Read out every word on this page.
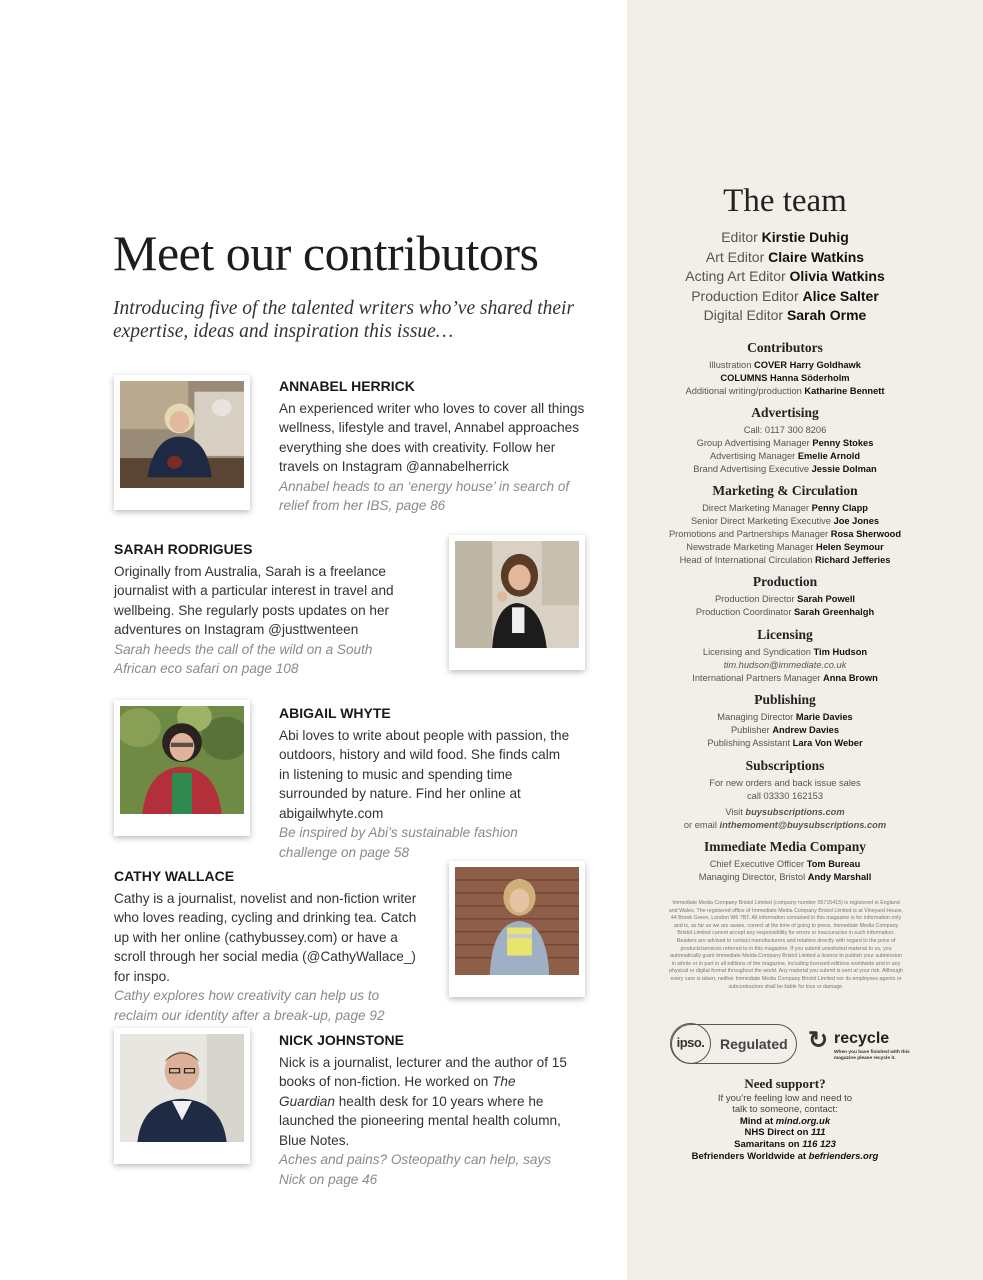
Meet our contributors

Introducing five of the talented writers who’ve shared their expertise, ideas and inspiration this issue…

ANNABEL HERRICK
An experienced writer who loves to cover all things wellness, lifestyle and travel, Annabel approaches everything she does with creativity. Follow her travels on Instagram @annabelherrick
Annabel heads to an ‘energy house’ in search of relief from her IBS, page 86
SARAH RODRIGUES
Originally from Australia, Sarah is a freelance journalist with a particular interest in travel and wellbeing. She regularly posts updates on her adventures on Instagram @justtwenteen
Sarah heeds the call of the wild on a South African eco safari on page 108
ABIGAIL WHYTE
Abi loves to write about people with passion, the outdoors, history and wild food. She finds calm in listening to music and spending time surrounded by nature. Find her online at abigailwhyte.com
Be inspired by Abi’s sustainable fashion challenge on page 58
CATHY WALLACE
Cathy is a journalist, novelist and non-fiction writer who loves reading, cycling and drinking tea. Catch up with her online (cathybussey.com) or have a scroll through her social media (@CathyWallace_) for inspo.
Cathy explores how creativity can help us to reclaim our identity after a break-up, page 92
NICK JOHNSTONE
Nick is a journalist, lecturer and the author of 15 books of non-fiction. He worked on The Guardian health desk for 10 years where he launched the pioneering mental health column, Blue Notes.
Aches and pains? Osteopathy can help, says Nick on page 46
The team
Editor Kirstie Duhig
Art Editor Claire Watkins
Acting Art Editor Olivia Watkins
Production Editor Alice Salter
Digital Editor Sarah Orme
Contributors
Illustration COVER Harry Goldhawk
COLUMNS Hanna Söderholm
Additional writing/production Katharine Bennett
Advertising
Call: 0117 300 8206
Group Advertising Manager Penny Stokes
Advertising Manager Emelie Arnold
Brand Advertising Executive Jessie Dolman
Marketing & Circulation
Direct Marketing Manager Penny Clapp
Senior Direct Marketing Executive Joe Jones
Promotions and Partnerships Manager Rosa Sherwood
Newstrade Marketing Manager Helen Seymour
Head of International Circulation Richard Jefferies
Production
Production Director Sarah Powell
Production Coordinator Sarah Greenhalgh
Licensing
Licensing and Syndication Tim Hudson
tim.hudson@immediate.co.uk
International Partners Manager Anna Brown
Publishing
Managing Director Marie Davies
Publisher Andrew Davies
Publishing Assistant Lara Von Weber
Subscriptions
For new orders and back issue sales
call 03330 162153
Visit buysubscriptions.com
or email inthemoment@buysubscriptions.com
Immediate Media Company
Chief Executive Officer Tom Bureau
Managing Director, Bristol Andy Marshall
Immediate Media Company Bristol Limited (company number 05715415) is registered in England and Wales. The registered office of Immediate Media Company Bristol Limited is at Vineyard House, 44 Brook Green, London W6 7BT. All information contained in this magazine is for information only and is, as far as we are aware, correct at the time of going to press. Immediate Media Company Bristol Limited cannot accept any responsibility for errors or inaccuracies in such information. Readers are advised to contact manufacturers and retailers directly with regard to the price of products/services referred to in this magazine. If you submit unsolicited material to us, you automatically grant Immediate Media Company Bristol Limited a licence to publish your submission in whole or in part in all editions of the magazine, including licensed editions worldwide and in any physical or digital format throughout the world. Any material you submit is sent at your risk. Although every care is taken, neither Immediate Media Company Bristol Limited nor its employees agents or subcontractors shall be liable for loss or damage.
Need support?
If you’re feeling low and need to
talk to someone, contact:
Mind at mind.org.uk
NHS Direct on 111
Samaritans on 116 123
Befrienders Worldwide at befrienders.org
ipso.	Regulated ↻ recycle
When you have finished with this magazine please recycle it.
